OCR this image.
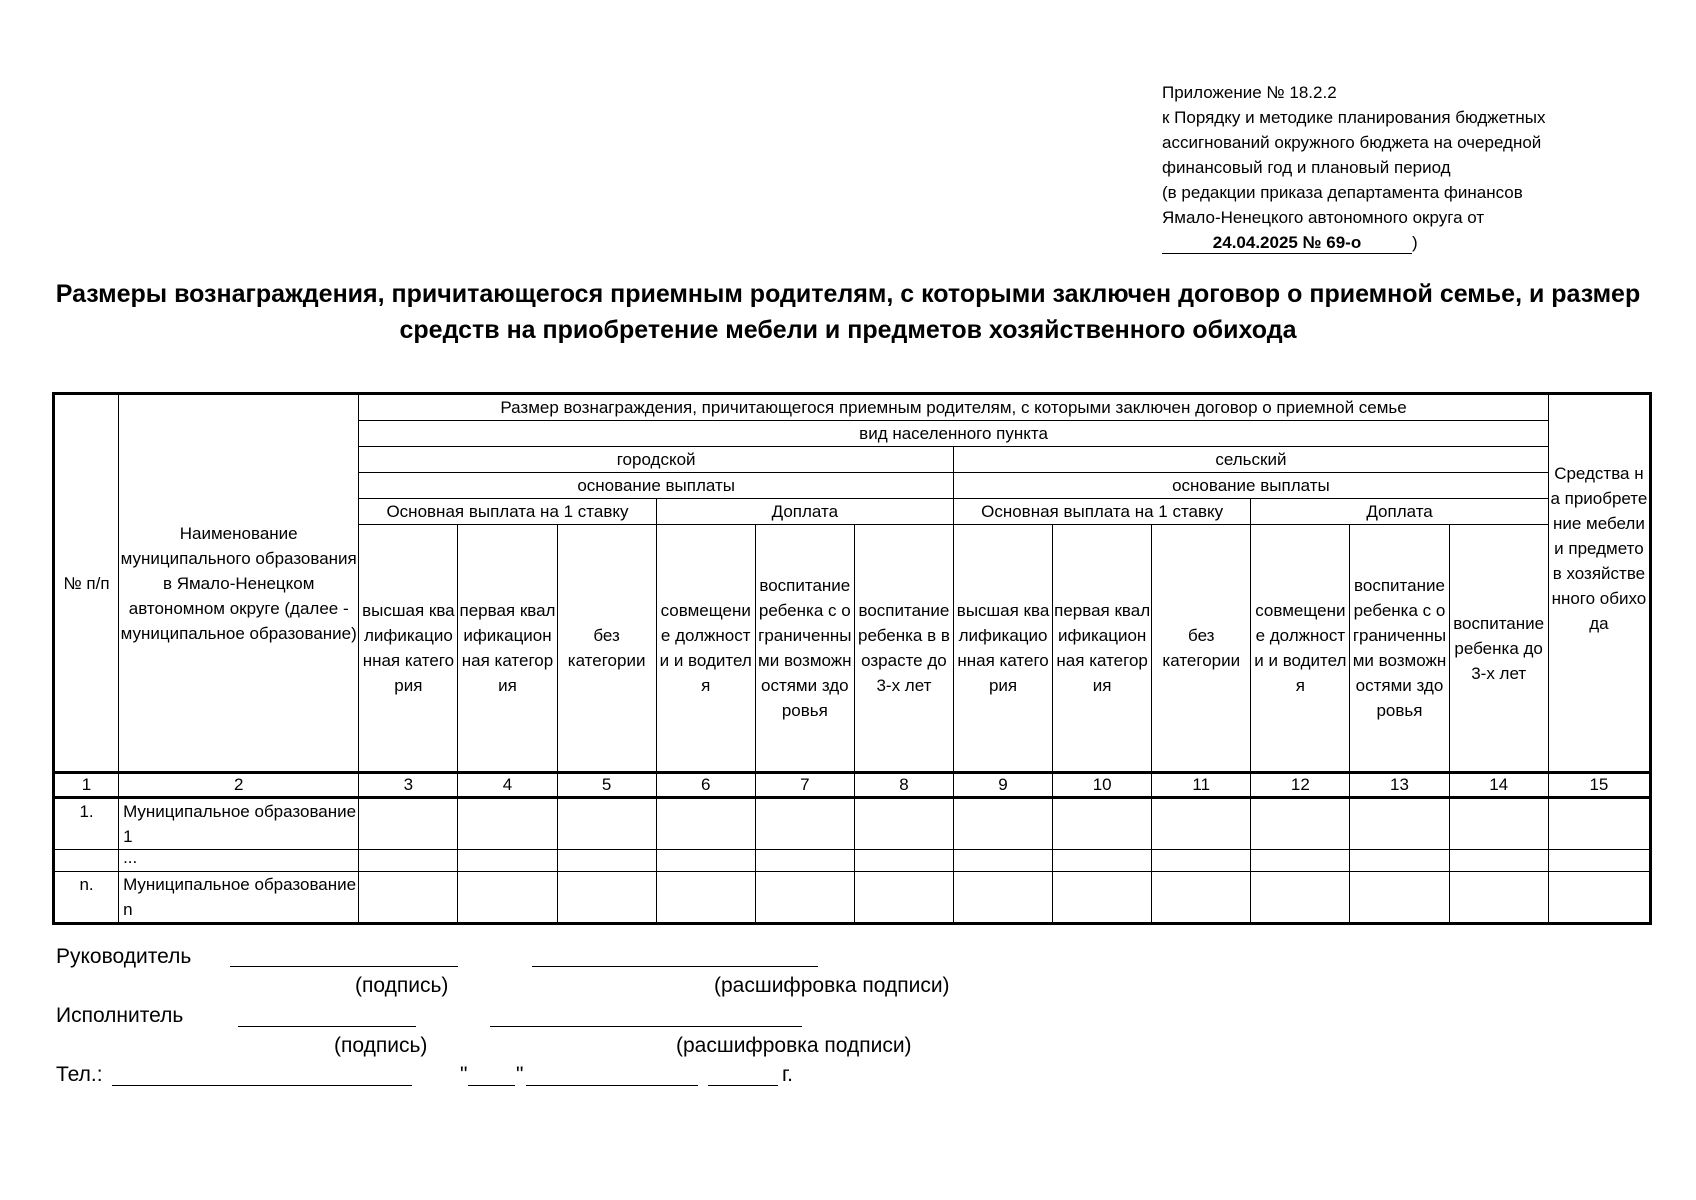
Приложение № 18.2.2
к Порядку и методике планирования бюджетных
ассигнований окружного бюджета на очередной
финансовый год и плановый период
(в редакции приказа департамента финансов
Ямало-Ненецкого автономного округа от
24.04.2025 № 69-о	)
Размеры вознаграждения, причитающегося приемным родителям, с которыми заключен договор о приемной семье, и размер средств на приобретение мебели и предметов хозяйственного обихода
№ п/п	Наименование муниципального образования в Ямало-Ненецком автономном округе (далее - муниципальное образование)	Размер вознаграждения, причитающегося приемным родителям, с которыми заключен договор о приемной семье												Средства на приобретение мебели и предметов хозяйственного обихода
		вид населенного пункта												
		городской						сельский						
		основание выплаты						основание выплаты						
		Основная выплата на 1 ставку			Доплата			Основная выплата на 1 ставку			Доплата			
		высшая квалификационная категория	первая квалификационная категория	без категории	совмещение должности и водителя	воспитание ребенка с ограниченными возможностями здоровья	воспитание ребенка в возрасте до 3-х лет	высшая квалификационная категория	первая квалификационная категория	без категории	совмещение должности и водителя	воспитание ребенка с ограниченными возможностями здоровья	воспитание ребенка до 3-х лет	
1	2	3	4	5	6	7	8	9	10	11	12	13	14	15
1.	Муниципальное образование 1													
	...													
n.	Муниципальное образование n													
Руководитель
(подпись)	(расшифровка подписи)
Исполнитель
(подпись)	(расшифровка подписи)
Тел.:	" "	г.
